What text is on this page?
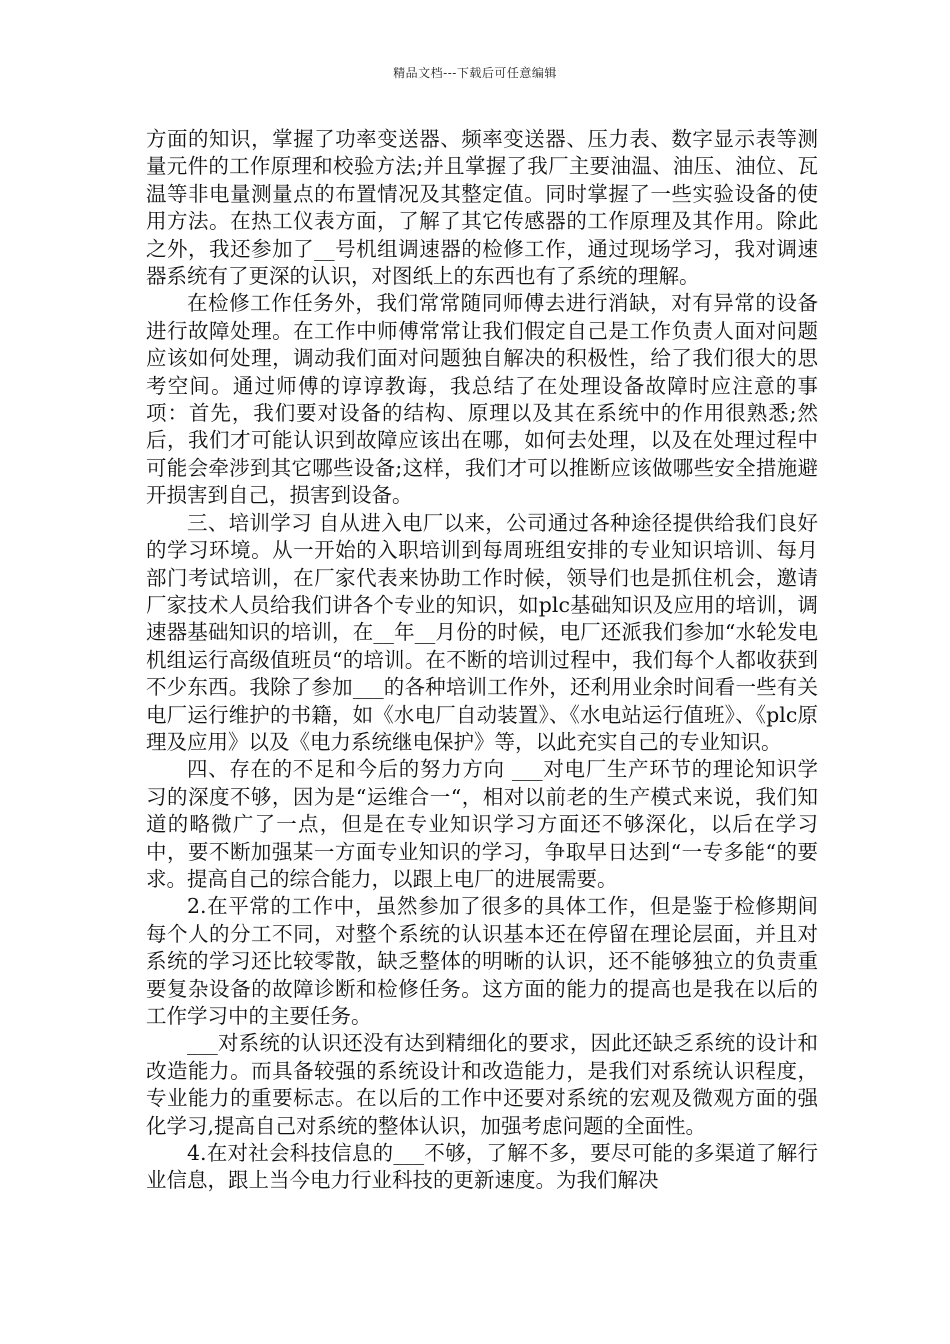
精品文档---下载后可任意编辑

方面的知识，掌握了功率变送器、频率变送器、压力表、数字显示表等测量元件的工作原理和校验方法;并且掌握了我厂主要油温、油压、油位、瓦温等非电量测量点的布置情况及其整定值。同时掌握了一些实验设备的使用方法。在热工仪表方面，了解了其它传感器的工作原理及其作用。除此之外，我还参加了__号机组调速器的检修工作，通过现场学习，我对调速器系统有了更深的认识，对图纸上的东西也有了系统的理解。

在检修工作任务外，我们常常随同师傅去进行消缺，对有异常的设备进行故障处理。在工作中师傅常常让我们假定自己是工作负责人面对问题应该如何处理，调动我们面对问题独自解决的积极性，给了我们很大的思考空间。通过师傅的谆谆教诲，我总结了在处理设备故障时应注意的事项：首先，我们要对设备的结构、原理以及其在系统中的作用很熟悉;然后，我们才可能认识到故障应该出在哪，如何去处理，以及在处理过程中可能会牵涉到其它哪些设备;这样，我们才可以推断应该做哪些安全措施避开损害到自己，损害到设备。

三、培训学习 自从进入电厂以来，公司通过各种途径提供给我们良好的学习环境。从一开始的入职培训到每周班组安排的专业知识培训、每月部门考试培训，在厂家代表来协助工作时候，领导们也是抓住机会，邀请厂家技术人员给我们讲各个专业的知识，如plc基础知识及应用的培训，调速器基础知识的培训，在__年__月份的时候，电厂还派我们参加“水轮发电机组运行高级值班员“的培训。在不断的培训过程中，我们每个人都收获到不少东西。我除了参加___的各种培训工作外，还利用业余时间看一些有关电厂运行维护的书籍，如《水电厂自动装置》、《水电站运行值班》、《plc原理及应用》以及《电力系统继电保护》等，以此充实自己的专业知识。

四、存在的不足和今后的努力方向 ___对电厂生产环节的理论知识学习的深度不够，因为是“运维合一“，相对以前老的生产模式来说，我们知道的略微广了一点，但是在专业知识学习方面还不够深化，以后在学习中，要不断加强某一方面专业知识的学习，争取早日达到“一专多能“的要求。提高自己的综合能力，以跟上电厂的进展需要。

2.在平常的工作中，虽然参加了很多的具体工作，但是鉴于检修期间每个人的分工不同，对整个系统的认识基本还在停留在理论层面，并且对系统的学习还比较零散，缺乏整体的明晰的认识，还不能够独立的负责重要复杂设备的故障诊断和检修任务。这方面的能力的提高也是我在以后的工作学习中的主要任务。

___对系统的认识还没有达到精细化的要求，因此还缺乏系统的设计和改造能力。而具备较强的系统设计和改造能力，是我们对系统认识程度，专业能力的重要标志。在以后的工作中还要对系统的宏观及微观方面的强化学习,提高自己对系统的整体认识，加强考虑问题的全面性。

4.在对社会科技信息的___不够，了解不多，要尽可能的多渠道了解行业信息，跟上当今电力行业科技的更新速度。为我们解决
